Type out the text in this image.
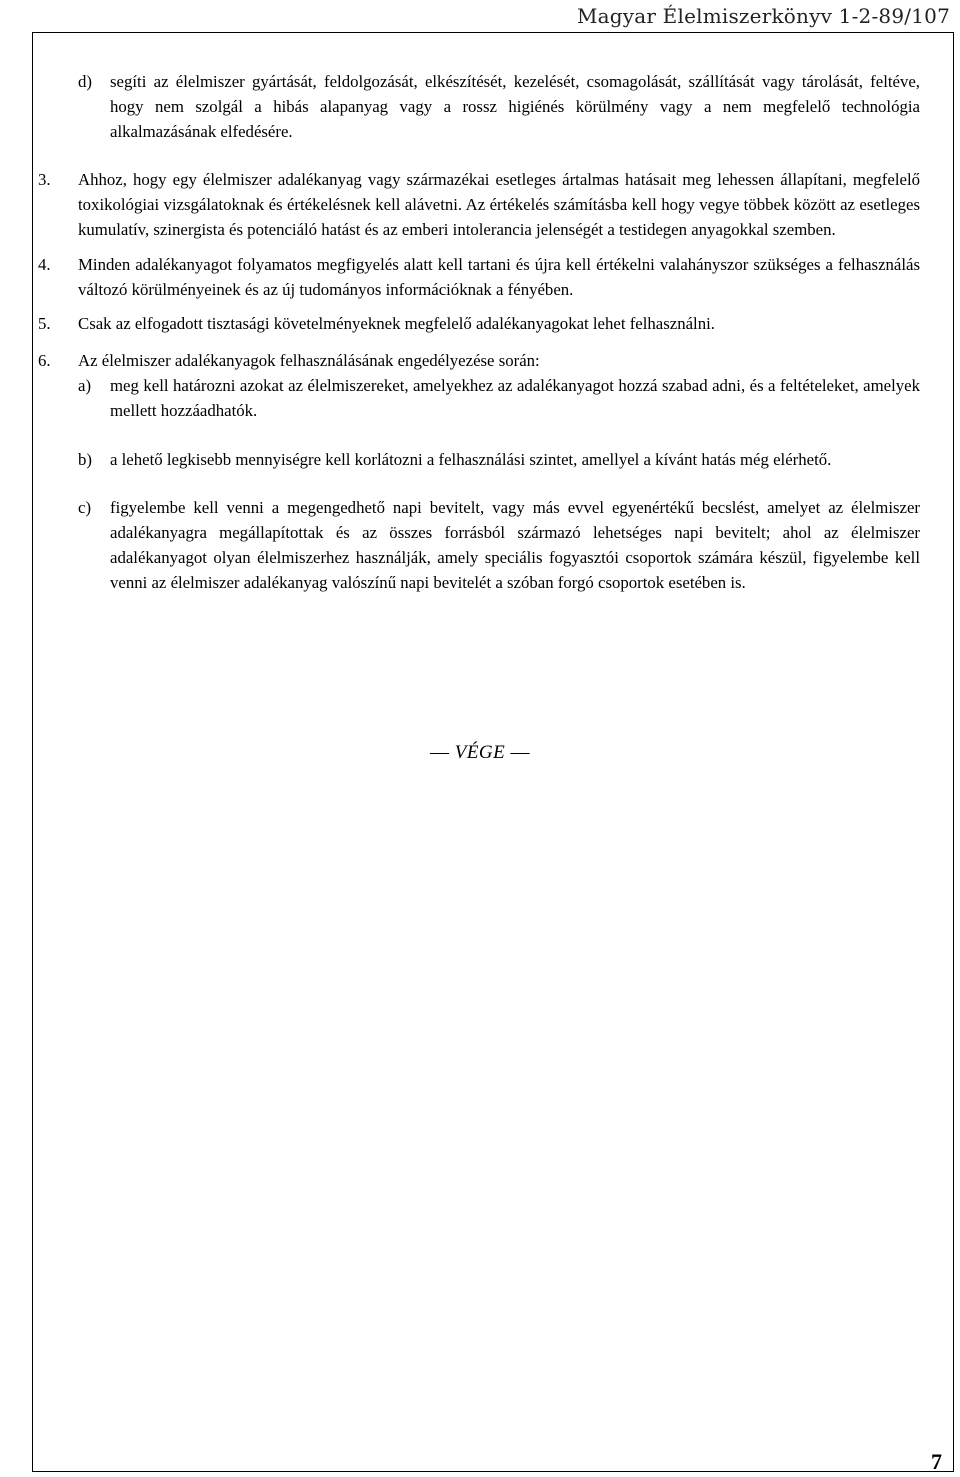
Magyar Élelmiszerkönyv 1-2-89/107

d) segíti az élelmiszer gyártását, feldolgozását, elkészítését, kezelését, csomagolását, szállítását vagy tárolását, feltéve, hogy nem szolgál a hibás alapanyag vagy a rossz higiénés körülmény vagy a nem megfelelő technológia alkalmazásának elfedésére.

3. Ahhoz, hogy egy élelmiszer adalékanyag vagy származékai esetleges ártalmas hatásait meg lehessen állapítani, megfelelő toxikológiai vizsgálatoknak és értékelésnek kell alávetni. Az értékelés számításba kell hogy vegye többek között az esetleges kumulatív, szinergista és potenciáló hatást és az emberi intolerancia jelenségét a testidegen anyagokkal szemben.

4. Minden adalékanyagot folyamatos megfigyelés alatt kell tartani és újra kell értékelni valahányszor szükséges a felhasználás változó körülményeinek és az új tudományos információknak a fényében.

5. Csak az elfogadott tisztasági követelményeknek megfelelő adalékanyagokat lehet felhasználni.

6. Az élelmiszer adalékanyagok felhasználásának engedélyezése során:

a) meg kell határozni azokat az élelmiszereket, amelyekhez az adalékanyagot hozzá szabad adni, és a feltételeket, amelyek mellett hozzáadhatók.

b) a lehető legkisebb mennyiségre kell korlátozni a felhasználási szintet, amellyel a kívánt hatás még elérhető.

c) figyelembe kell venni a megengedhető napi bevitelt, vagy más evvel egyenértékű becslést, amelyet az élelmiszer adalékanyagra megállapítottak és az összes forrásból származó lehetséges napi bevitelt; ahol az élelmiszer adalékanyagot olyan élelmiszerhez használják, amely speciális fogyasztói csoportok számára készül, figyelembe kell venni az élelmiszer adalékanyag valószínű napi bevitelét a szóban forgó csoportok esetében is.

— VÉGE —
7
